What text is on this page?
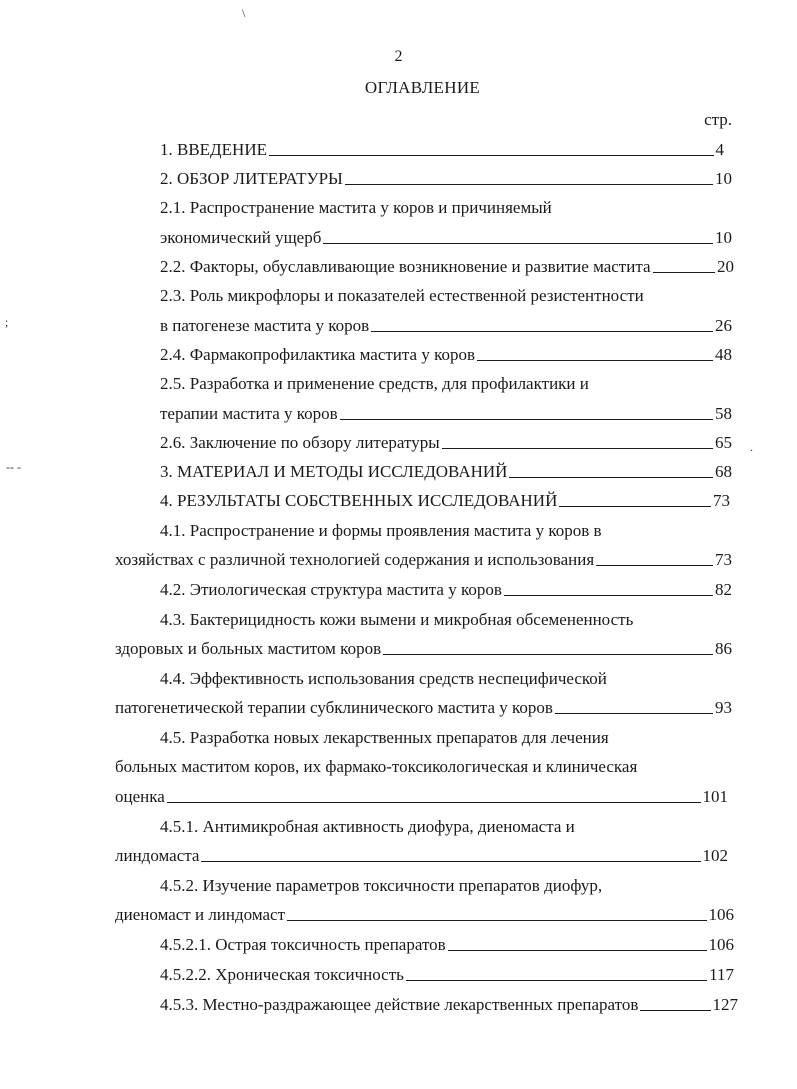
\
;
-- -
.
2
ОГЛАВЛЕНИЕ
стр.
1. ВВЕДЕНИЕ	4
2. ОБЗОР ЛИТЕРАТУРЫ	10
2.1. Распространение мастита у коров и причиняемый
экономический ущерб	10
2.2. Факторы, обуславливающие возникновение и развитие мастита	20
2.3. Роль микрофлоры и показателей естественной резистентности
в патогенезе мастита у коров	26
2.4. Фармакопрофилактика мастита у коров	48
2.5. Разработка и применение средств, для профилактики и
терапии мастита у коров	58
2.6. Заключение по обзору литературы	65
3. МАТЕРИАЛ И МЕТОДЫ ИССЛЕДОВАНИЙ	68
4. РЕЗУЛЬТАТЫ СОБСТВЕННЫХ ИССЛЕДОВАНИЙ	73
4.1. Распространение и формы проявления мастита у коров в
хозяйствах с различной технологией содержания и использования	73
4.2. Этиологическая структура мастита у коров	82
4.3. Бактерицидность кожи вымени и микробная обсемененность
здоровых и больных маститом коров	86
4.4. Эффективность использования средств неспецифической
патогенетической терапии субклинического мастита у коров	93
4.5. Разработка новых лекарственных препаратов для лечения
больных маститом коров, их фармако-токсикологическая и клиническая
оценка	101
4.5.1. Антимикробная активность диофура, диеномаста и
линдомаста	102
4.5.2. Изучение параметров токсичности препаратов диофур,
диеномаст и линдомаст	106
4.5.2.1. Острая токсичность препаратов	106
4.5.2.2. Хроническая токсичность	117
4.5.3. Местно-раздражающее действие лекарственных препаратов	127
